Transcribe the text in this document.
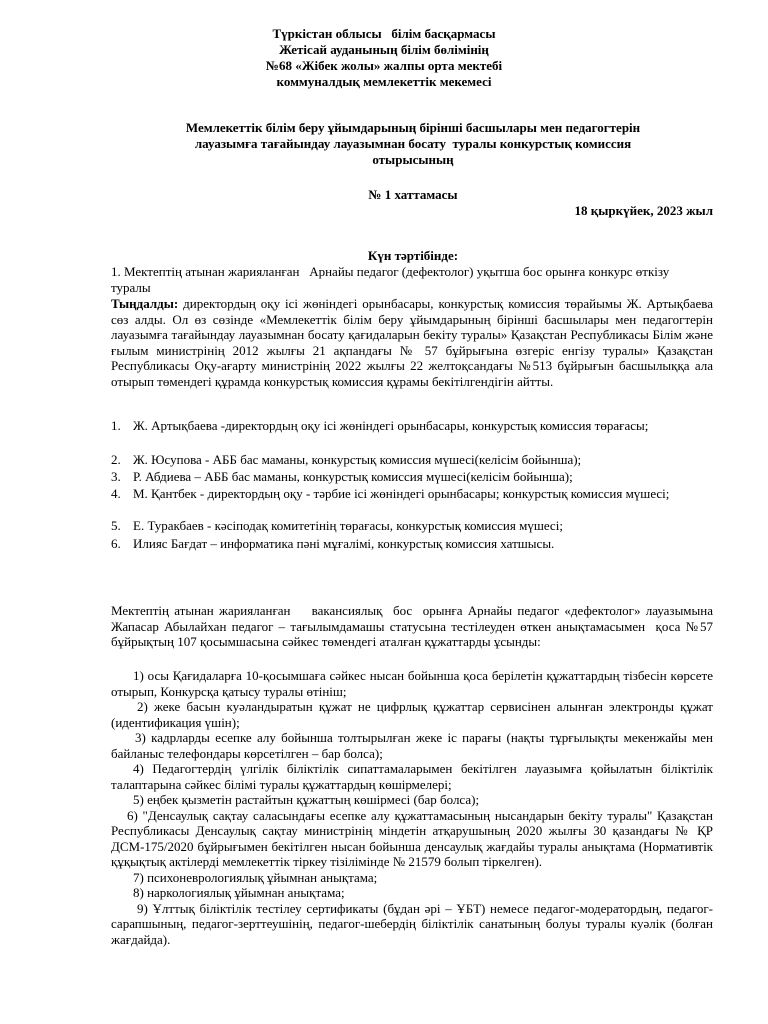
Түркістан облысы   білім басқармасы
Жетісай ауданының білім бөлімінің
№68 «Жібек жолы» жалпы орта мектебі
коммуналдық мемлекеттік мекемесі
Мемлекеттік білім беру ұйымдарының бірінші басшылары мен педагогтерін
лауазымға тағайындау лауазымнан босату  туралы конкурстық комиссия
отырысының
№ 1 хаттамасы
18 қыркүйек, 2023 жыл
Күн тәртібінде:
1. Мектептің атынан жарияланған   Арнайы педагог (дефектолог) уқытша бос орынға конкурс өткізу туралы
Тыңдалды: директордың оқу ісі жөніндегі орынбасары, конкурстық комиссия төрайымы Ж. Артықбаева сөз алды. Ол өз сөзінде «Мемлекеттік білім беру ұйымдарының бірінші басшылары мен педагогтерін лауазымға тағайындау лауазымнан босату қағидаларын бекіту туралы» Қазақстан Республикасы Білім және ғылым министрінің 2012 жылғы 21 ақпандағы № 57 бұйрығына өзгеріс енгізу туралы» Қазақстан Республикасы Оқу-ағарту министрінің 2022 жылғы 22 желтоқсандағы №513 бұйрығын басшылыққа ала отырып төмендегі құрамда конкурстық комиссия құрамы бекітілгендігін айтты.
1. Ж. Артықбаева -директордың оқу ісі жөніндегі орынбасары, конкурстық комиссия төрағасы;
2. Ж. Юсупова - АББ бас маманы, конкурстық комиссия мүшесі(келісім бойынша);
3. Р. Абдиева – АББ бас маманы, конкурстық комиссия мүшесі(келісім бойынша);
4. М. Қантбек - директордың оқу - тәрбие ісі жөніндегі орынбасары; конкурстық комиссия мүшесі;
5. Е. Туракбаев - кәсіподақ комитетінің төрағасы, конкурстық комиссия мүшесі;
6. Илияс Бағдат – информатика пәні мұғалімі, конкурстық комиссия хатшысы.
Мектептің атынан жарияланған    вакансиялық  бос  орынға Арнайы педагог «дефектолог» лауазымына Жапасар Абылайхан педагог – тағылымдамашы статусына тестілеуден өткен анықтамасымен  қоса №57 бұйрықтың 107 қосымшасына сәйкес төмендегі аталған құжаттарды ұсынды:

1) осы Қағидаларға 10-қосымшаға сәйкес нысан бойынша қоса берілетін құжаттардың тізбесін көрсете отырып, Конкурсқа қатысу туралы өтініш;

2) жеке басын куәландыратын құжат не цифрлық құжаттар сервисінен алынған электронды құжат (идентификация үшін);

3) кадрларды есепке алу бойынша толтырылған жеке іс парағы (нақты тұрғылықты мекенжайы мен байланыс телефондары көрсетілген – бар болса);

4) Педагогтердің үлгілік біліктілік сипаттамаларымен бекітілген лауазымға қойылатын біліктілік талаптарына сәйкес білімі туралы құжаттардың көшірмелері;

5) еңбек қызметін растайтын құжаттың көшірмесі (бар болса);

6) "Денсаулық сақтау саласындағы есепке алу құжаттамасының нысандарын бекіту туралы" Қазақстан Республикасы Денсаулық сақтау министрінің міндетін атқарушының 2020 жылғы 30 қазандағы № ҚР ДСМ-175/2020 бұйрығымен бекітілген нысан бойынша денсаулық жағдайы туралы анықтама (Нормативтік құқықтық актілерді мемлекеттік тіркеу тізілімінде № 21579 болып тіркелген).

7) психоневрологиялық ұйымнан анықтама;

8) наркологиялық ұйымнан анықтама;

9) Ұлттық біліктілік тестілеу сертификаты (бұдан әрі – ҰБТ) немесе педагог-модератордың, педагог-сарапшының, педагог-зерттеушінің, педагог-шебердің біліктілік санатының болуы туралы куәлік (болған жағдайда).
